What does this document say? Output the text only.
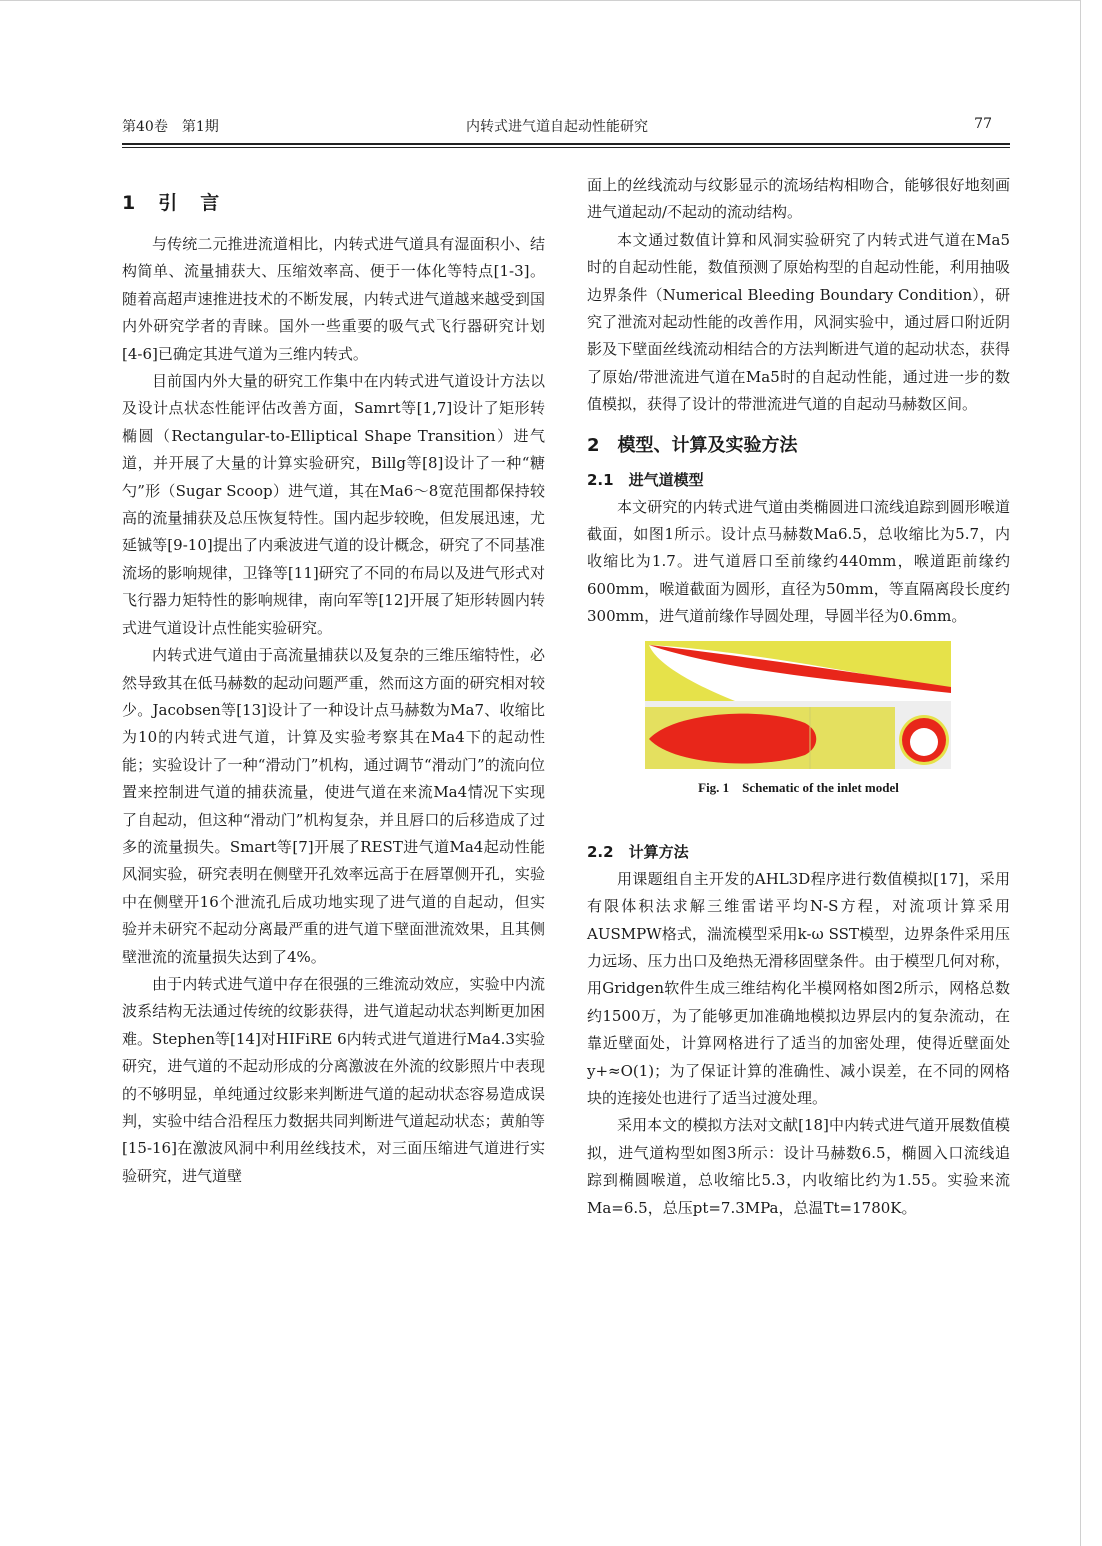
第40卷　第1期	内转式进气道自起动性能研究	77
1　引　言

与传统二元推进流道相比，内转式进气道具有湿面积小、结构简单、流量捕获大、压缩效率高、便于一体化等特点[1-3]。随着高超声速推进技术的不断发展，内转式进气道越来越受到国内外研究学者的青睐。国外一些重要的吸气式飞行器研究计划[4-6]已确定其进气道为三维内转式。

目前国内外大量的研究工作集中在内转式进气道设计方法以及设计点状态性能评估改善方面，Samrt等[1,7]设计了矩形转椭圆（Rectangular-to-Elliptical Shape Transition）进气道，并开展了大量的计算实验研究，Billg等[8]设计了一种“糖勺”形（Sugar Scoop）进气道，其在Ma6～8宽范围都保持较高的流量捕获及总压恢复特性。国内起步较晚，但发展迅速，尤延铖等[9-10]提出了内乘波进气道的设计概念，研究了不同基准流场的影响规律，卫锋等[11]研究了不同的布局以及进气形式对飞行器力矩特性的影响规律，南向军等[12]开展了矩形转圆内转式进气道设计点性能实验研究。

内转式进气道由于高流量捕获以及复杂的三维压缩特性，必然导致其在低马赫数的起动问题严重，然而这方面的研究相对较少。Jacobsen等[13]设计了一种设计点马赫数为Ma7、收缩比为10的内转式进气道，计算及实验考察其在Ma4下的起动性能；实验设计了一种“滑动门”机构，通过调节“滑动门”的流向位置来控制进气道的捕获流量，使进气道在来流Ma4情况下实现了自起动，但这种“滑动门”机构复杂，并且唇口的后移造成了过多的流量损失。Smart等[7]开展了REST进气道Ma4起动性能风洞实验，研究表明在侧壁开孔效率远高于在唇罩侧开孔，实验中在侧壁开16个泄流孔后成功地实现了进气道的自起动，但实验并未研究不起动分离最严重的进气道下壁面泄流效果，且其侧壁泄流的流量损失达到了4%。

由于内转式进气道中存在很强的三维流动效应，实验中内流波系结构无法通过传统的纹影获得，进气道起动状态判断更加困难。Stephen等[14]对HIFiRE 6内转式进气道进行Ma4.3实验研究，进气道的不起动形成的分离激波在外流的纹影照片中表现的不够明显，单纯通过纹影来判断进气道的起动状态容易造成误判，实验中结合沿程压力数据共同判断进气道起动状态；黄舶等[15-16]在激波风洞中利用丝线技术，对三面压缩进气道进行实验研究，进气道壁

面上的丝线流动与纹影显示的流场结构相吻合，能够很好地刻画进气道起动/不起动的流动结构。

本文通过数值计算和风洞实验研究了内转式进气道在Ma5时的自起动性能，数值预测了原始构型的自起动性能，利用抽吸边界条件（Numerical Bleeding Boundary Condition），研究了泄流对起动性能的改善作用，风洞实验中，通过唇口附近阴影及下壁面丝线流动相结合的方法判断进气道的起动状态，获得了原始/带泄流进气道在Ma5时的自起动性能，通过进一步的数值模拟，获得了设计的带泄流进气道的自起动马赫数区间。

2　模型、计算及实验方法
2.1　进气道模型

本文研究的内转式进气道由类椭圆进口流线追踪到圆形喉道截面，如图1所示。设计点马赫数Ma6.5，总收缩比为5.7，内收缩比为1.7。进气道唇口至前缘约440mm，喉道距前缘约600mm，喉道截面为圆形，直径为50mm，等直隔离段长度约300mm，进气道前缘作导圆处理，导圆半径为0.6mm。

Fig. 1　Schematic of the inlet model
2.2　计算方法

用课题组自主开发的AHL3D程序进行数值模拟[17]，采用有限体积法求解三维雷诺平均N-S方程，对流项计算采用AUSMPW格式，湍流模型采用k-ω SST模型，边界条件采用压力远场、压力出口及绝热无滑移固壁条件。由于模型几何对称，用Gridgen软件生成三维结构化半模网格如图2所示，网格总数约1500万，为了能够更加准确地模拟边界层内的复杂流动，在靠近壁面处，计算网格进行了适当的加密处理，使得近壁面处y+≈O(1)；为了保证计算的准确性、减小误差，在不同的网格块的连接处也进行了适当过渡处理。

采用本文的模拟方法对文献[18]中内转式进气道开展数值模拟，进气道构型如图3所示：设计马赫数6.5，椭圆入口流线追踪到椭圆喉道，总收缩比5.3，内收缩比约为1.55。实验来流Ma=6.5，总压pt=7.3MPa，总温Tt=1780K。
